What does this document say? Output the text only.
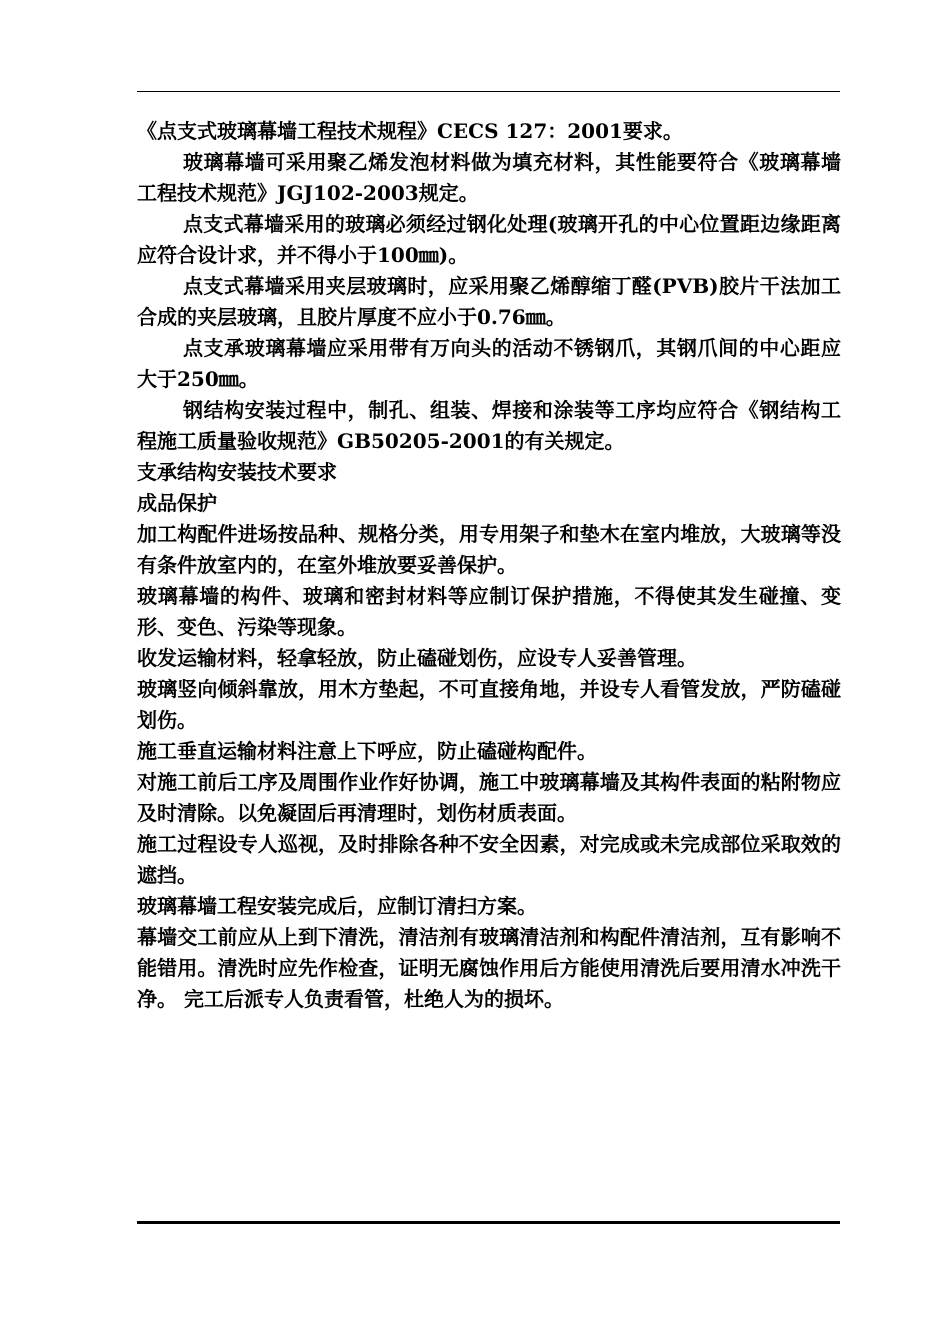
《点支式玻璃幕墙工程技术规程》CECS 127：2001要求。

玻璃幕墙可采用聚乙烯发泡材料做为填充材料，其性能要符合《玻璃幕墙工程技术规范》JGJ102-2003规定。

点支式幕墙采用的玻璃必须经过钢化处理(玻璃开孔的中心位置距边缘距离应符合设计求，并不得小于100㎜)。

点支式幕墙采用夹层玻璃时，应采用聚乙烯醇缩丁醛(PVB)胶片干法加工合成的夹层玻璃，且胶片厚度不应小于0.76㎜。

点支承玻璃幕墙应采用带有万向头的活动不锈钢爪，其钢爪间的中心距应大于250㎜。

钢结构安装过程中，制孔、组装、焊接和涂装等工序均应符合《钢结构工程施工质量验收规范》GB50205-2001的有关规定。

支承结构安装技术要求

成品保护

加工构配件进场按品种、规格分类，用专用架子和垫木在室内堆放，大玻璃等没有条件放室内的，在室外堆放要妥善保护。

玻璃幕墙的构件、玻璃和密封材料等应制订保护措施，不得使其发生碰撞、变形、变色、污染等现象。

收发运输材料，轻拿轻放，防止磕碰划伤，应设专人妥善管理。

玻璃竖向倾斜靠放，用木方垫起，不可直接角地，并设专人看管发放，严防磕碰划伤。

施工垂直运输材料注意上下呼应，防止磕碰构配件。

对施工前后工序及周围作业作好协调，施工中玻璃幕墙及其构件表面的粘附物应及时清除。以免凝固后再清理时，划伤材质表面。

施工过程设专人巡视，及时排除各种不安全因素，对完成或未完成部位采取效的遮挡。

玻璃幕墙工程安装完成后，应制订清扫方案。

幕墙交工前应从上到下清洗，清洁剂有玻璃清洁剂和构配件清洁剂，互有影响不能错用。清洗时应先作检查，证明无腐蚀作用后方能使用清洗后要用清水冲洗干净。 完工后派专人负责看管，杜绝人为的损坏。
